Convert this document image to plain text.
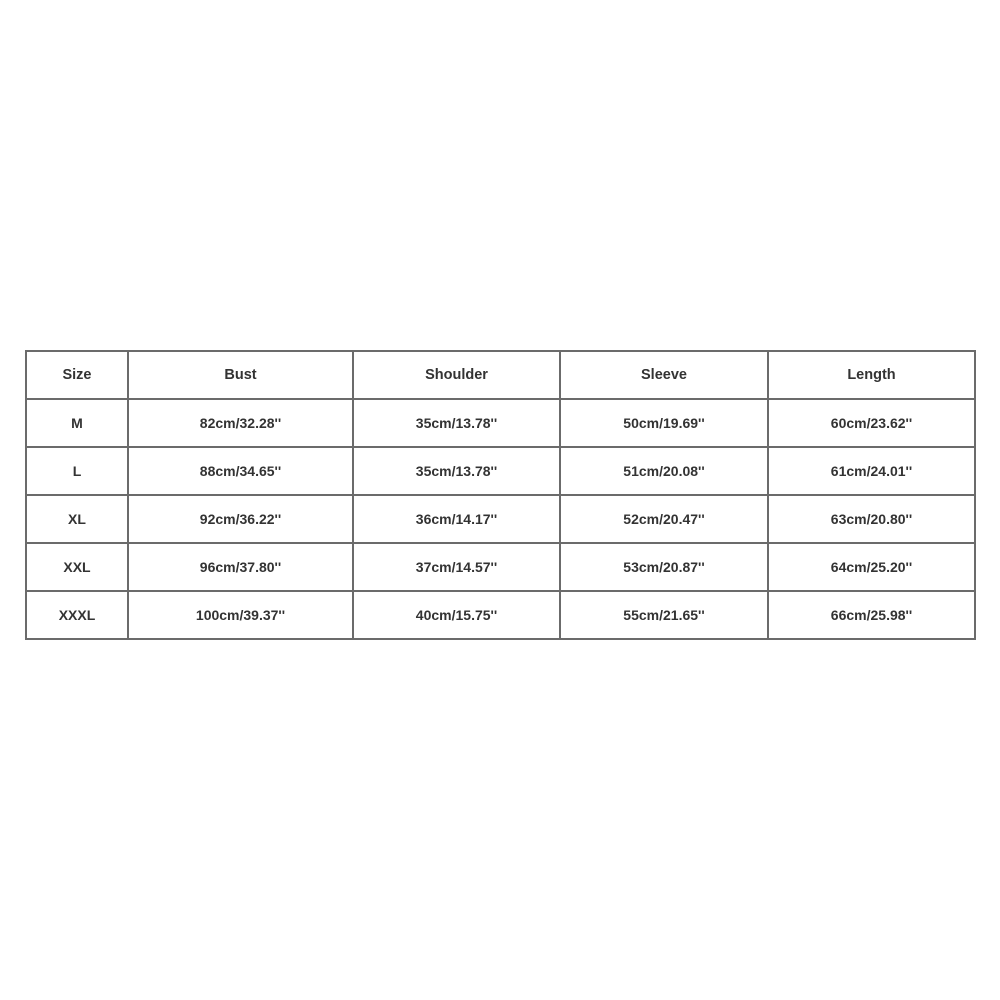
Size	Bust	Shoulder	Sleeve	Length
M	82cm/32.28''	35cm/13.78''	50cm/19.69''	60cm/23.62''
L	88cm/34.65''	35cm/13.78''	51cm/20.08''	61cm/24.01''
XL	92cm/36.22''	36cm/14.17''	52cm/20.47''	63cm/20.80''
XXL	96cm/37.80''	37cm/14.57''	53cm/20.87''	64cm/25.20''
XXXL	100cm/39.37''	40cm/15.75''	55cm/21.65''	66cm/25.98''
